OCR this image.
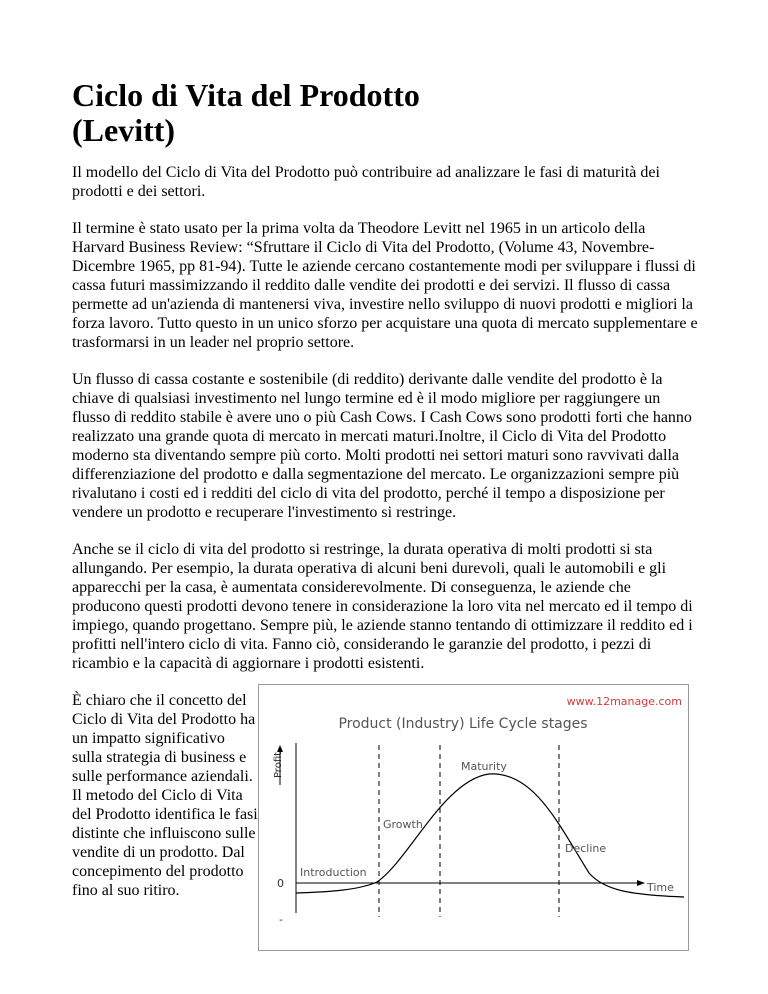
Ciclo di Vita del Prodotto
(Levitt)

Il modello del Ciclo di Vita del Prodotto può contribuire ad analizzare le fasi di maturità dei prodotti e dei settori.

Il termine è stato usato per la prima volta da Theodore Levitt nel 1965 in un articolo della Harvard Business Review: “Sfruttare il Ciclo di Vita del Prodotto, (Volume 43, Novembre-Dicembre 1965, pp 81-94). Tutte le aziende cercano costantemente modi per sviluppare i flussi di cassa futuri massimizzando il reddito dalle vendite dei prodotti e dei servizi. Il flusso di cassa permette ad un'azienda di mantenersi viva, investire nello sviluppo di nuovi prodotti e migliori la forza lavoro. Tutto questo in un unico sforzo per acquistare una quota di mercato supplementare e trasformarsi in un leader nel proprio settore.

Un flusso di cassa costante e sostenibile (di reddito) derivante dalle vendite del prodotto è la chiave di qualsiasi investimento nel lungo termine ed è il modo migliore per raggiungere un flusso di reddito stabile è avere uno o più Cash Cows. I Cash Cows sono prodotti forti che hanno realizzato una grande quota di mercato in mercati maturi.Inoltre, il Ciclo di Vita del Prodotto moderno sta diventando sempre più corto. Molti prodotti nei settori maturi sono ravvivati dalla differenziazione del prodotto e dalla segmentazione del mercato. Le organizzazioni sempre più rivalutano i costi ed i redditi del ciclo di vita del prodotto, perché il tempo a disposizione per vendere un prodotto e recuperare l'investimento si restringe.

Anche se il ciclo di vita del prodotto si restringe, la durata operativa di molti prodotti si sta allungando. Per esempio, la durata operativa di alcuni beni durevoli, quali le automobili e gli apparecchi per la casa, è aumentata considerevolmente. Di conseguenza, le aziende che producono questi prodotti devono tenere in considerazione la loro vita nel mercato ed il tempo di impiego, quando progettano. Sempre più, le aziende stanno tentando di ottimizzare il reddito ed i profitti nell'intero ciclo di vita. Fanno ciò, considerando le garanzie del prodotto, i pezzi di ricambio e la capacità di aggiornare i prodotti esistenti.

È chiaro che il concetto del Ciclo di Vita del Prodotto ha un impatto significativo sulla strategia di business e sulle performance aziendali. Il metodo del Ciclo di Vita del Prodotto identifica le fasi distinte che influiscono sulle vendite di un prodotto. Dal concepimento del prodotto fino al suo ritiro.
www.12manage.com
Product (Industry) Life Cycle stages
Profit
0
-
Introduction
Growth
Maturity
Decline
Time
